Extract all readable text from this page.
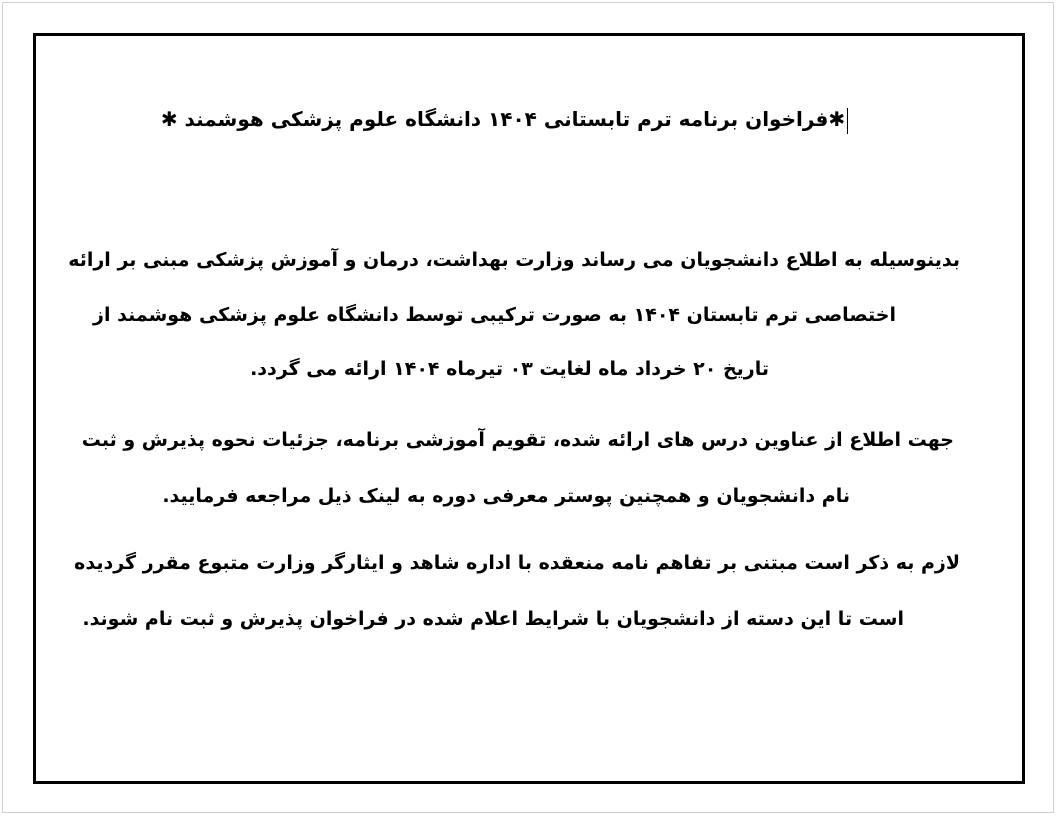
✱فراخوان برنامه ترم تابستانی ۱۴۰۴ دانشگاه علوم پزشکی هوشمند ✱

بدینوسیله به اطلاع دانشجویان می رساند وزارت بهداشت، درمان و آموزش پزشکی مبنی بر ارائه

اختصاصی ترم تابستان ۱۴۰۴ به صورت ترکیبی توسط دانشگاه علوم پزشکی هوشمند از

تاریخ ۲۰ خرداد ماه لغایت ۰۳ تیرماه ۱۴۰۴ ارائه می گردد.

جهت اطلاع از عناوین درس های ارائه شده، تقویم آموزشی برنامه، جزئیات نحوه پذیرش و ثبت

نام دانشجویان و همچنین پوستر معرفی دوره به لینک ذیل مراجعه فرمایید.

لازم به ذکر است مبتنی بر تفاهم نامه منعقده با اداره شاهد و ایثارگر وزارت متبوع مقرر گردیده

است تا این دسته از دانشجویان با شرایط اعلام شده در فراخوان پذیرش و ثبت نام شوند.
